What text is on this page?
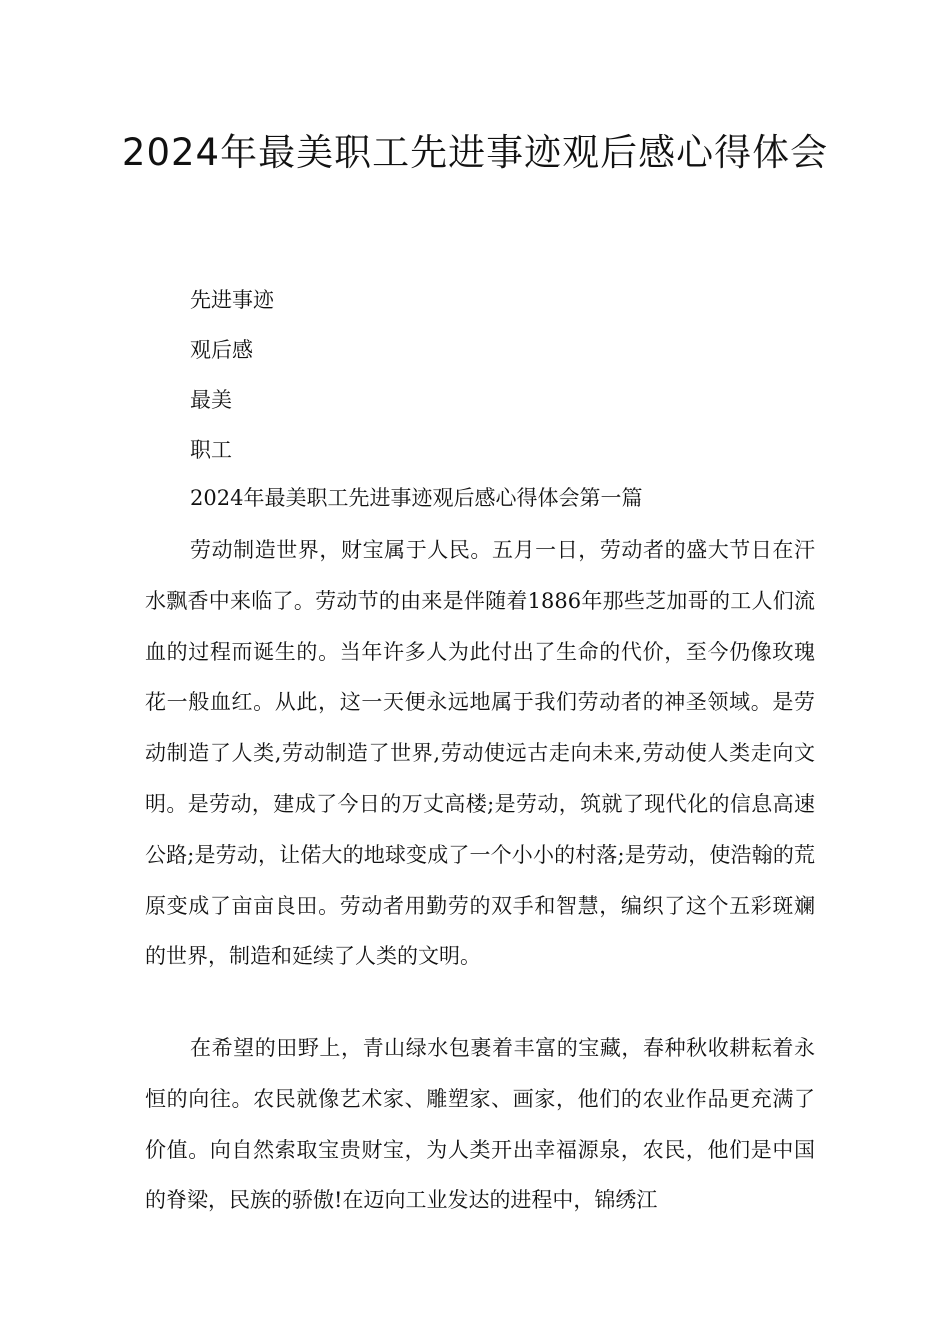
2024年最美职工先进事迹观后感心得体会

先进事迹

观后感

最美

职工

2024年最美职工先进事迹观后感心得体会第一篇

劳动制造世界，财宝属于人民。五月一日，劳动者的盛大节日在汗水飘香中来临了。劳动节的由来是伴随着1886年那些芝加哥的工人们流血的过程而诞生的。当年许多人为此付出了生命的代价，至今仍像玫瑰花一般血红。从此，这一天便永远地属于我们劳动者的神圣领域。是劳动制造了人类,劳动制造了世界,劳动使远古走向未来,劳动使人类走向文明。是劳动，建成了今日的万丈高楼;是劳动，筑就了现代化的信息高速公路;是劳动，让偌大的地球变成了一个小小的村落;是劳动，使浩翰的荒原变成了亩亩良田。劳动者用勤劳的双手和智慧，编织了这个五彩斑斓的世界，制造和延续了人类的文明。

在希望的田野上，青山绿水包裹着丰富的宝藏，春种秋收耕耘着永恒的向往。农民就像艺术家、雕塑家、画家，他们的农业作品更充满了价值。向自然索取宝贵财宝，为人类开出幸福源泉，农民，他们是中国的脊梁，民族的骄傲!在迈向工业发达的进程中，锦绣江
